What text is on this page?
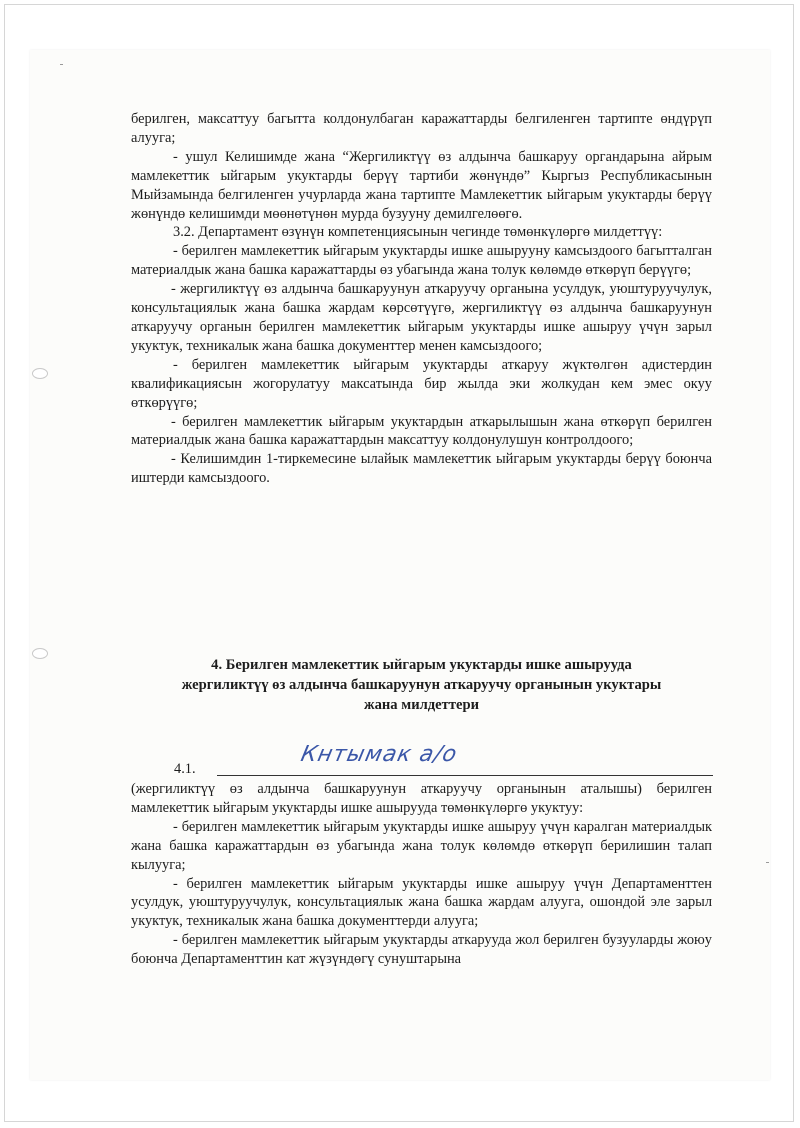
берилген, максаттуу багытта колдонулбаган каражаттарды белгиленген тартипте өндүрүп алууга;

- ушул Келишимде жана “Жергиликтүү өз алдынча башкаруу органдарына айрым мамлекеттик ыйгарым укуктарды берүү тартиби жөнүндө” Кыргыз Республикасынын Мыйзамында белгиленген учурларда жана тартипте Мамлекеттик ыйгарым укуктарды берүү жөнүндө келишимди мөөнөтүнөн мурда бузууну демилгелөөгө.

3.2. Департамент өзүнүн компетенциясынын чегинде төмөнкүлөргө милдеттүү:

- берилген мамлекеттик ыйгарым укуктарды ишке ашырууну камсыздоого багытталган материалдык жана башка каражаттарды өз убагында жана толук көлөмдө өткөрүп берүүгө;

- жергиликтүү өз алдынча башкаруунун аткаруучу органына усулдук, уюштуруучулук, консультациялык жана башка жардам көрсөтүүгө, жергиликтүү өз алдынча башкаруунун аткаруучу органын берилген мамлекеттик ыйгарым укуктарды ишке ашыруу үчүн зарыл укуктук, техникалык жана башка документтер менен камсыздоого;

- берилген мамлекеттик ыйгарым укуктарды аткаруу жүктөлгөн адистердин квалификациясын жогорулатуу максатында бир жылда эки жолкудан кем эмес окуу өткөрүүгө;

- берилген мамлекеттик ыйгарым укуктардын аткарылышын жана өткөрүп берилген материалдык жана башка каражаттардын максаттуу колдонулушун контролдоого;

- Келишимдин 1-тиркемесине ылайык мамлекеттик ыйгарым укуктарды берүү боюнча иштерди камсыздоого.

4. Берилген мамлекеттик ыйгарым укуктарды ишке ашырууда
жергиликтүү өз алдынча башкаруунун аткаруучу органынын укуктары
жана милдеттери
4.1.
Кнтымак а/о

(жергиликтүү өз алдынча башкаруунун аткаруучу органынын аталышы) берилген мамлекеттик ыйгарым укуктарды ишке ашырууда төмөнкүлөргө укуктуу:

- берилген мамлекеттик ыйгарым укуктарды ишке ашыруу үчүн каралган материалдык жана башка каражаттардын өз убагында жана толук көлөмдө өткөрүп берилишин талап кылууга;

- берилген мамлекеттик ыйгарым укуктарды ишке ашыруу үчүн Департаменттен усулдук, уюштуруучулук, консультациялык жана башка жардам алууга, ошондой эле зарыл укуктук, техникалык жана башка документтерди алууга;

- берилген мамлекеттик ыйгарым укуктарды аткарууда жол берилген бузууларды жоюу боюнча Департаменттин кат жүзүндөгү сунуштарына
